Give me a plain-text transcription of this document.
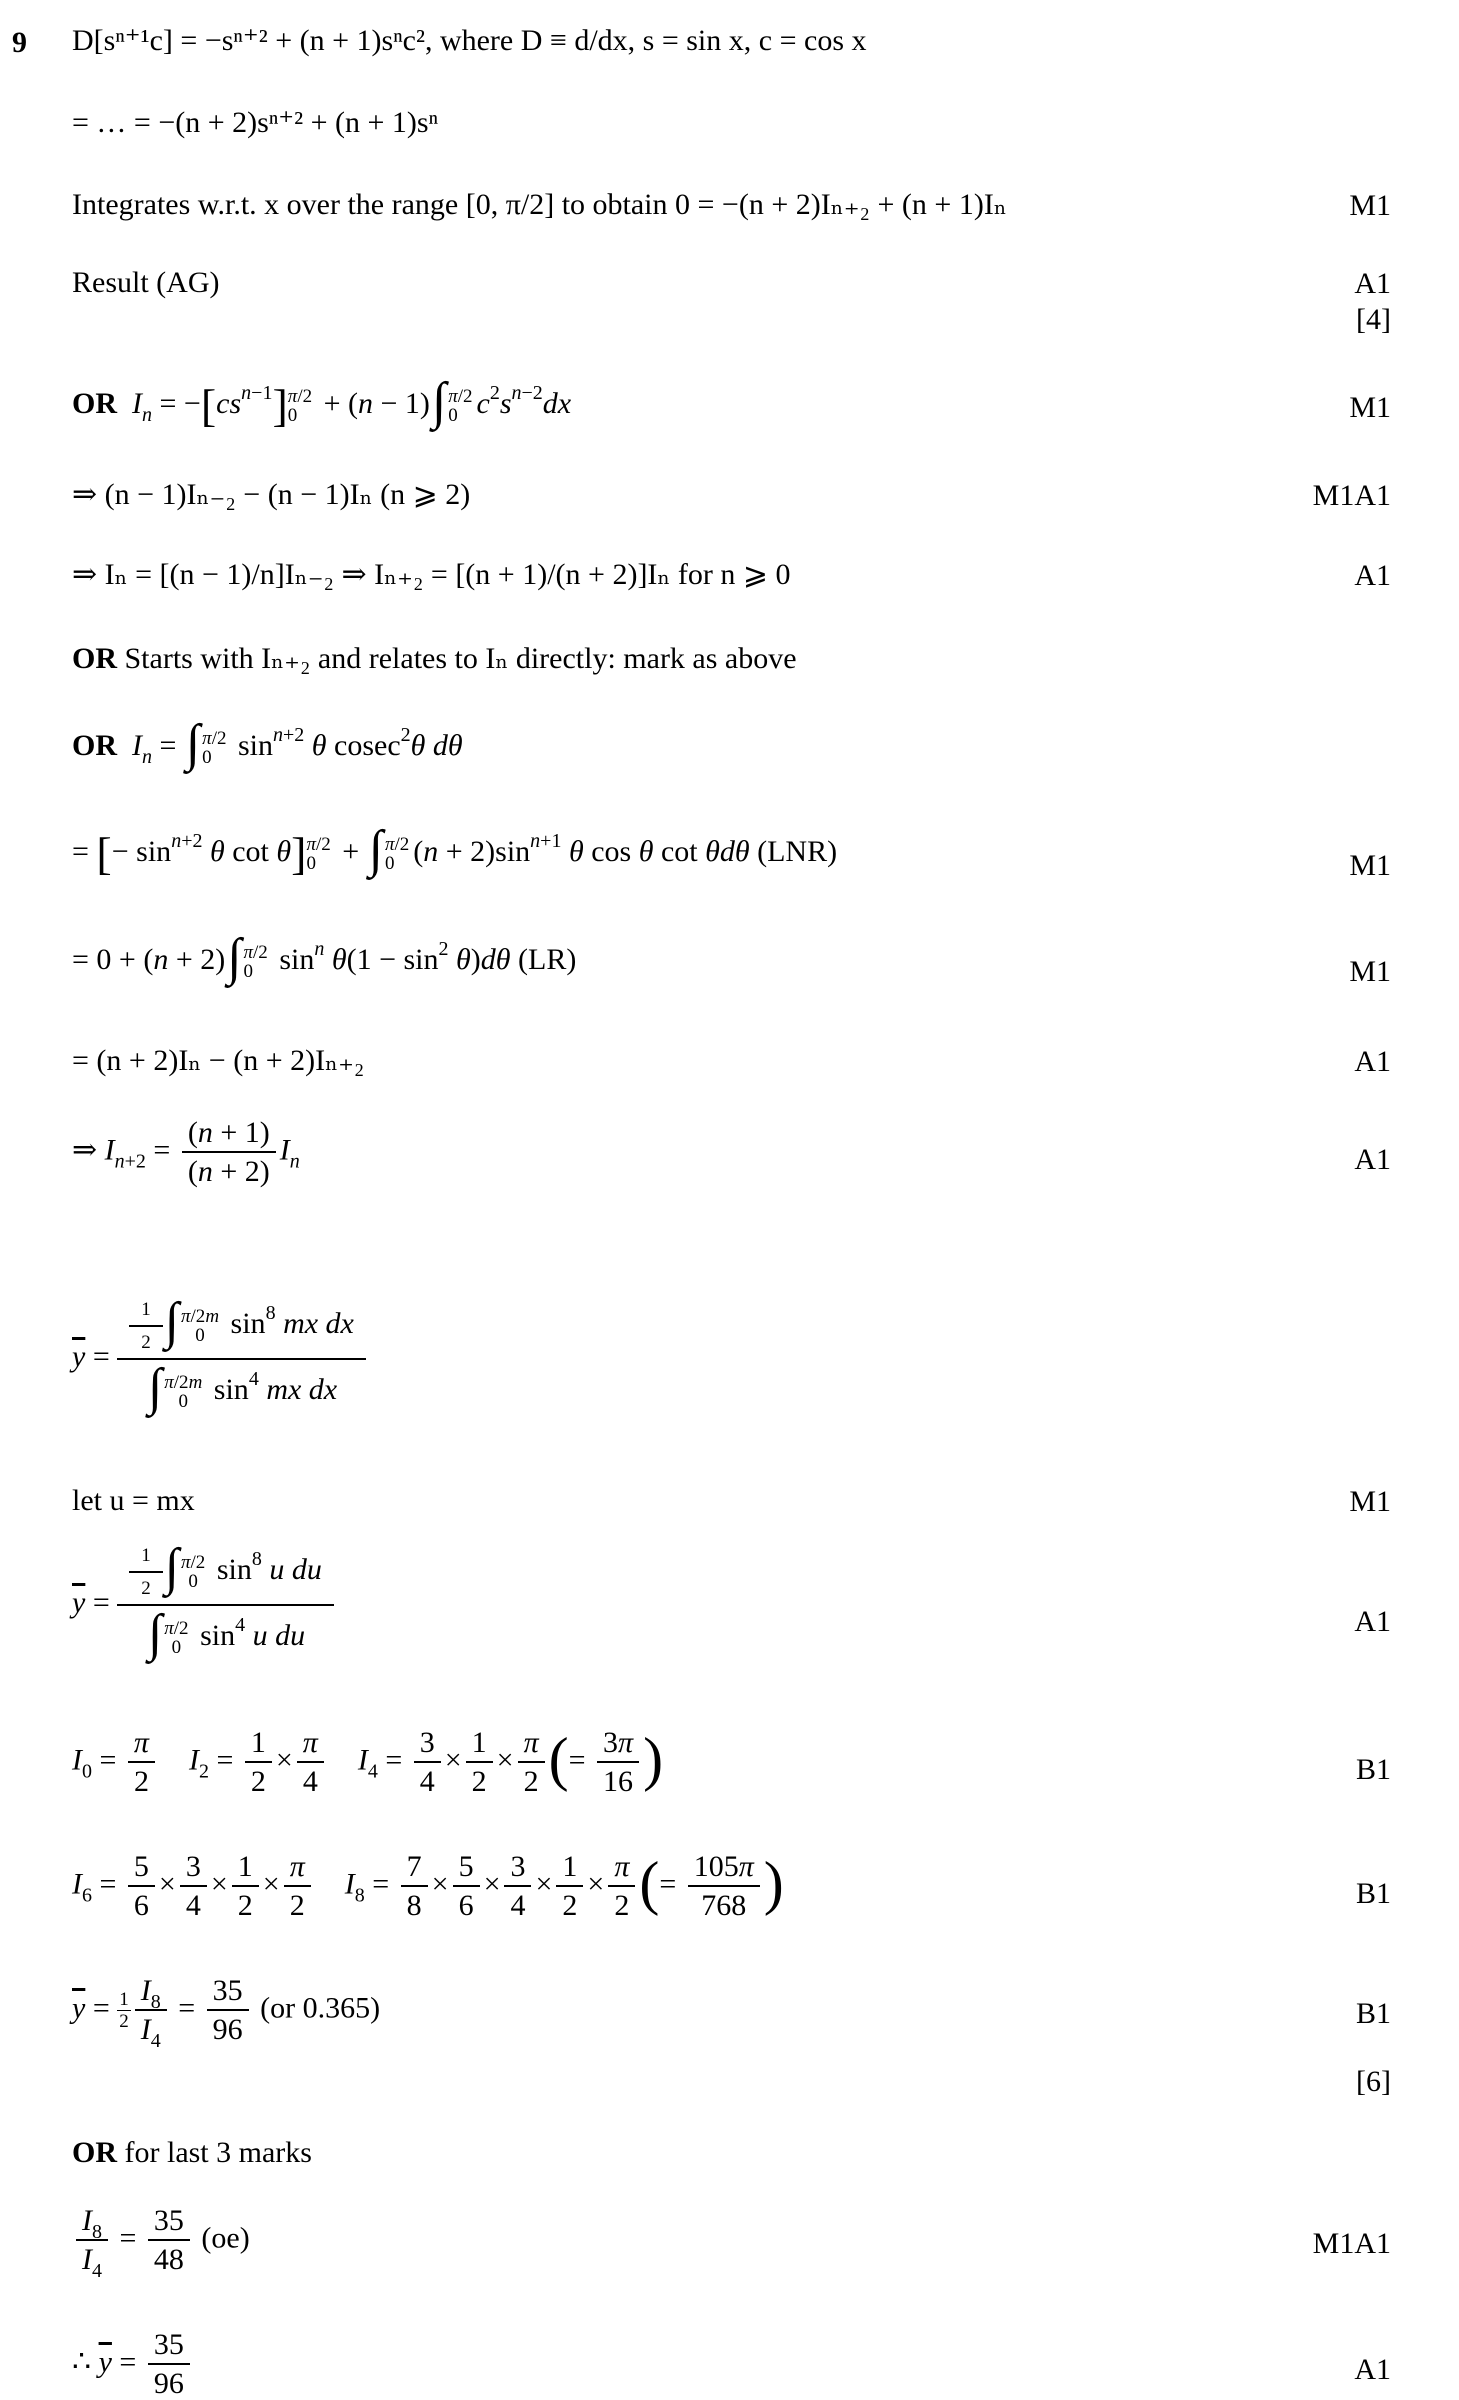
9 D[sⁿ⁺¹c] = −sⁿ⁺² + (n + 1)sⁿc², where D ≡ d/dx, s = sin x, c = cos x
= … = −(n + 2)sⁿ⁺² + (n + 1)sⁿ
Integrates w.r.t. x over the range [0, π/2] to obtain 0 = −(n + 2)Iₙ₊₂ + (n + 1)Iₙ	M1
Result (AG)	A1
[4]
OR  $I_n = -[cs^{n-1}]$ π/2
0 + (n − 1)∫ π/2
0 $c^2s^{n-2}dx$	M1
⇒ (n − 1)Iₙ₋₂ − (n − 1)Iₙ (n ⩾ 2)	M1A1
⇒ Iₙ = [(n − 1)/n]Iₙ₋₂ ⇒ Iₙ₊₂ = [(n + 1)/(n + 2)]Iₙ for n ⩾ 0	A1
OR Starts with Iₙ₊₂ and relates to Iₙ directly: mark as above
OR  $I_n$ = ∫ π/2
0 $\sin^{n+2} \theta$ cosec$^2$θ dθ
= [− $\sin^{n+2} \theta$ cot θ] π/2
0 + ∫ π/2
0 $(n + 2)\sin^{n+1}$ θ cos θ cot θdθ (LNR)	M1
= 0 + (n + 2)∫ π/2
0 $\sin^n \theta(1 - \sin^2 \theta)d\theta$ (LR)	M1
= (n + 2)Iₙ − (n + 2)Iₙ₊₂	A1
⇒ $I_{n+2} = \frac{(n + 1)}{(n + 2)} I_n$	A1
$\overline{y} = \frac{1}{2}$ ∫ π/2m
0 $\sin^8$ mx dx
∫ π/2m
0 $\sin^4$ mx dx
let u = mx	M1
$\overline{y} = \frac{1}{2}$ ∫ π/2
0 $\sin^8 u$ du
∫ π/2
0 $\sin^4 u$ du	A1
$I_0 = \frac{\pi}{2} I_2 = \frac{1}{2} \times \frac{\pi}{4} I_4 = \frac{3}{4} \times \frac{1}{2} \times \frac{\pi}{2}$ (= $\frac{3\pi}{16}$ )	B1
$I_6 = \frac{5}{6} \times \frac{3}{4} \times \frac{1}{2} \times \frac{\pi}{2} I_8 = \frac{7}{8} \times \frac{5}{6} \times \frac{3}{4} \times \frac{1}{2} \times \frac{\pi}{2}$ (= $\frac{105\pi}{768}$ )	B1
$\overline{y} = \frac{1}{2} \frac{I_8}{I_4} = \frac{35}{96} (or$ 0.365)	B1
[6]
OR for last 3 marks
$\frac{I_8}{I_4} = \frac{35}{48} (oe)$	M1A1
∴ $\overline{y} = \frac{35}{96}$	A1
